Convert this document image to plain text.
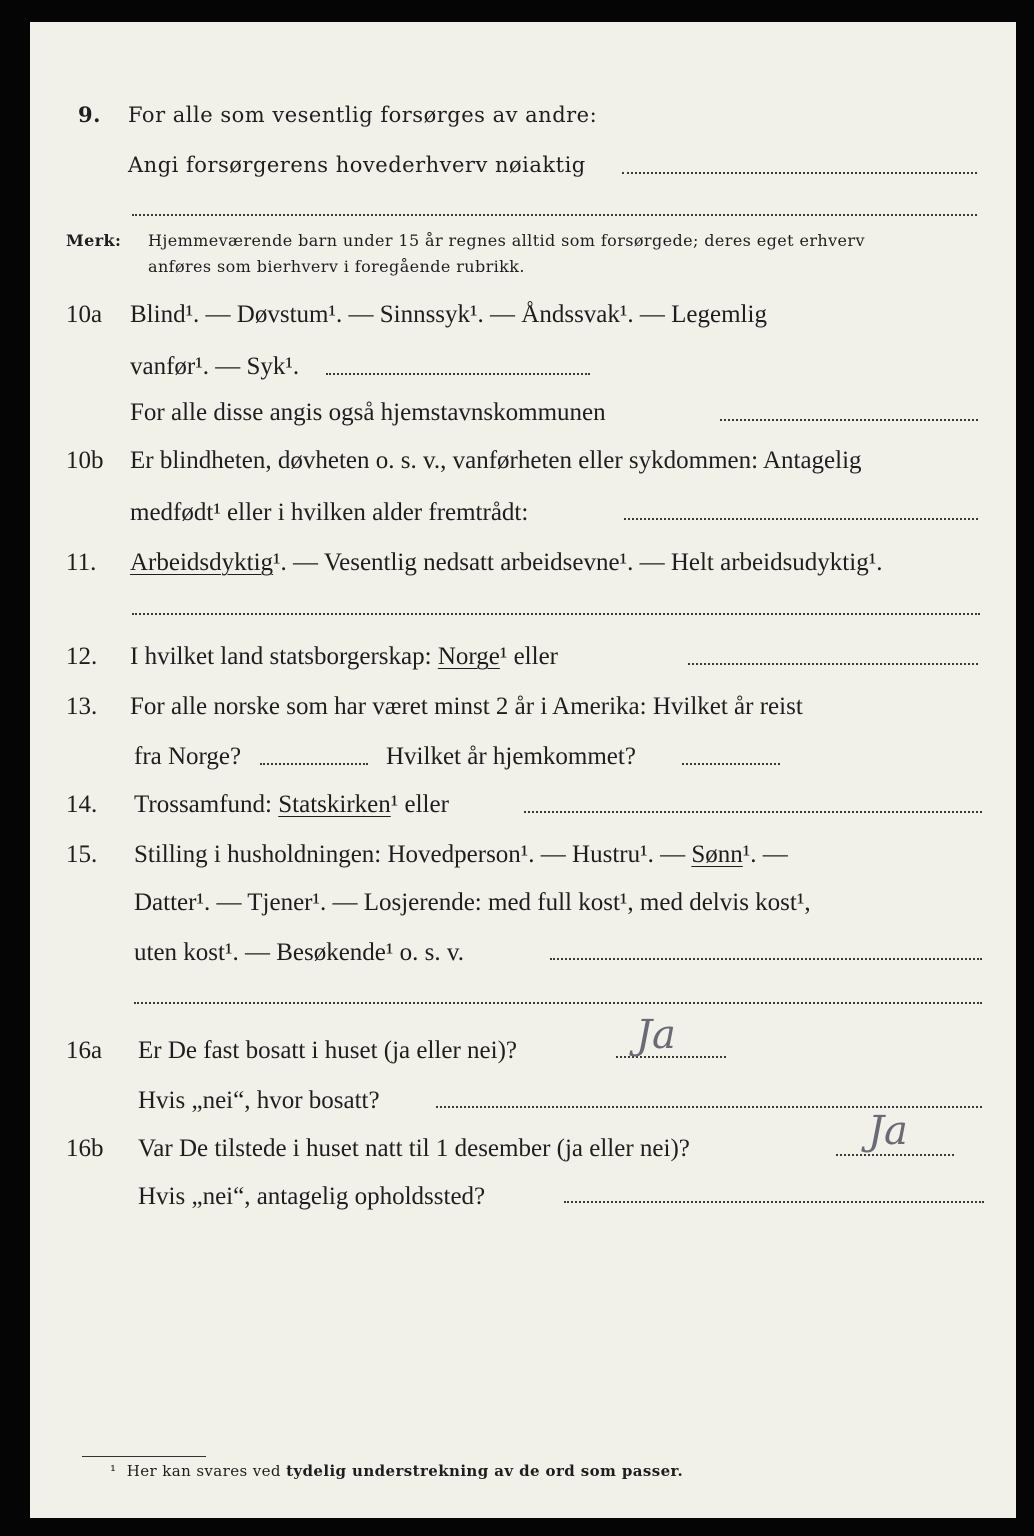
9. For alle som vesentlig forsørges av andre:
Angi forsørgerens hovederhverv nøiaktig
Merk: Hjemmeværende barn under 15 år regnes alltid som forsørgede; deres eget erhverv
anføres som bierhverv i foregående rubrikk.
10a Blind¹. — Døvstum¹. — Sinnssyk¹. — Åndssvak¹. — Legemlig
vanfør¹. — Syk¹.
For alle disse angis også hjemstavnskommunen
10b Er blindheten, døvheten o. s. v., vanførheten eller sykdommen: Antagelig
medfødt¹ eller i hvilken alder fremtrådt:
11. Arbeidsdyktig¹. — Vesentlig nedsatt arbeidsevne¹. — Helt arbeidsudyktig¹.
12. I hvilket land statsborgerskap: Norge¹ eller
13. For alle norske som har været minst 2 år i Amerika: Hvilket år reist
fra Norge?	Hvilket år hjemkommet?
14. Trossamfund: Statskirken¹ eller
15. Stilling i husholdningen: Hovedperson¹. — Hustru¹. — Sønn¹. —
Datter¹. — Tjener¹. — Losjerende: med full kost¹, med delvis kost¹,
uten kost¹. — Besøkende¹ o. s. v.
16a Er De fast bosatt i huset (ja eller nei)?	Ja
Hvis „nei“, hvor bosatt?
16b Var De tilstede i huset natt til 1 desember (ja eller nei)?	Ja
Hvis „nei“, antagelig opholdssted?
¹ Her kan svares ved tydelig understrekning av de ord som passer.
